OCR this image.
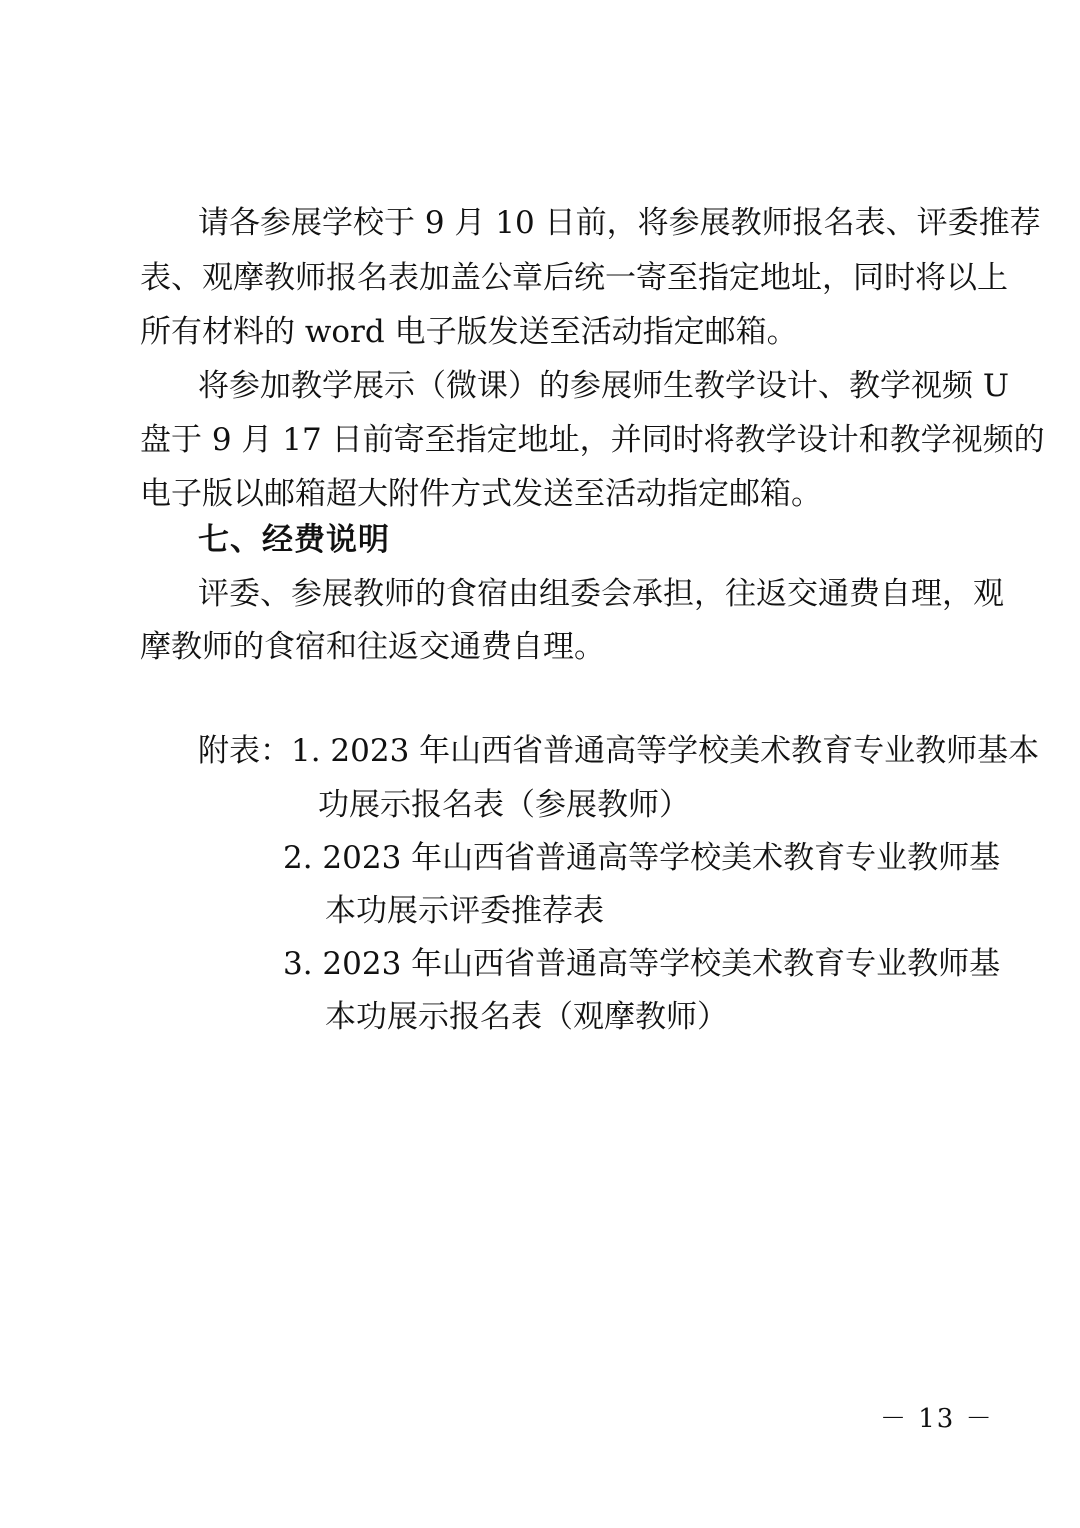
请各参展学校于 9 月 10 日前，将参展教师报名表、评委推荐
表、观摩教师报名表加盖公章后统一寄至指定地址，同时将以上
所有材料的 word 电子版发送至活动指定邮箱。
将参加教学展示（微课）的参展师生教学设计、教学视频 U
盘于 9 月 17 日前寄至指定地址，并同时将教学设计和教学视频的
电子版以邮箱超大附件方式发送至活动指定邮箱。
七、经费说明
评委、参展教师的食宿由组委会承担，往返交通费自理，观
摩教师的食宿和往返交通费自理。
附表：1. 2023 年山西省普通高等学校美术教育专业教师基本
功展示报名表（参展教师）
2. 2023 年山西省普通高等学校美术教育专业教师基
本功展示评委推荐表
3. 2023 年山西省普通高等学校美术教育专业教师基
本功展示报名表（观摩教师）
－ 13 －
